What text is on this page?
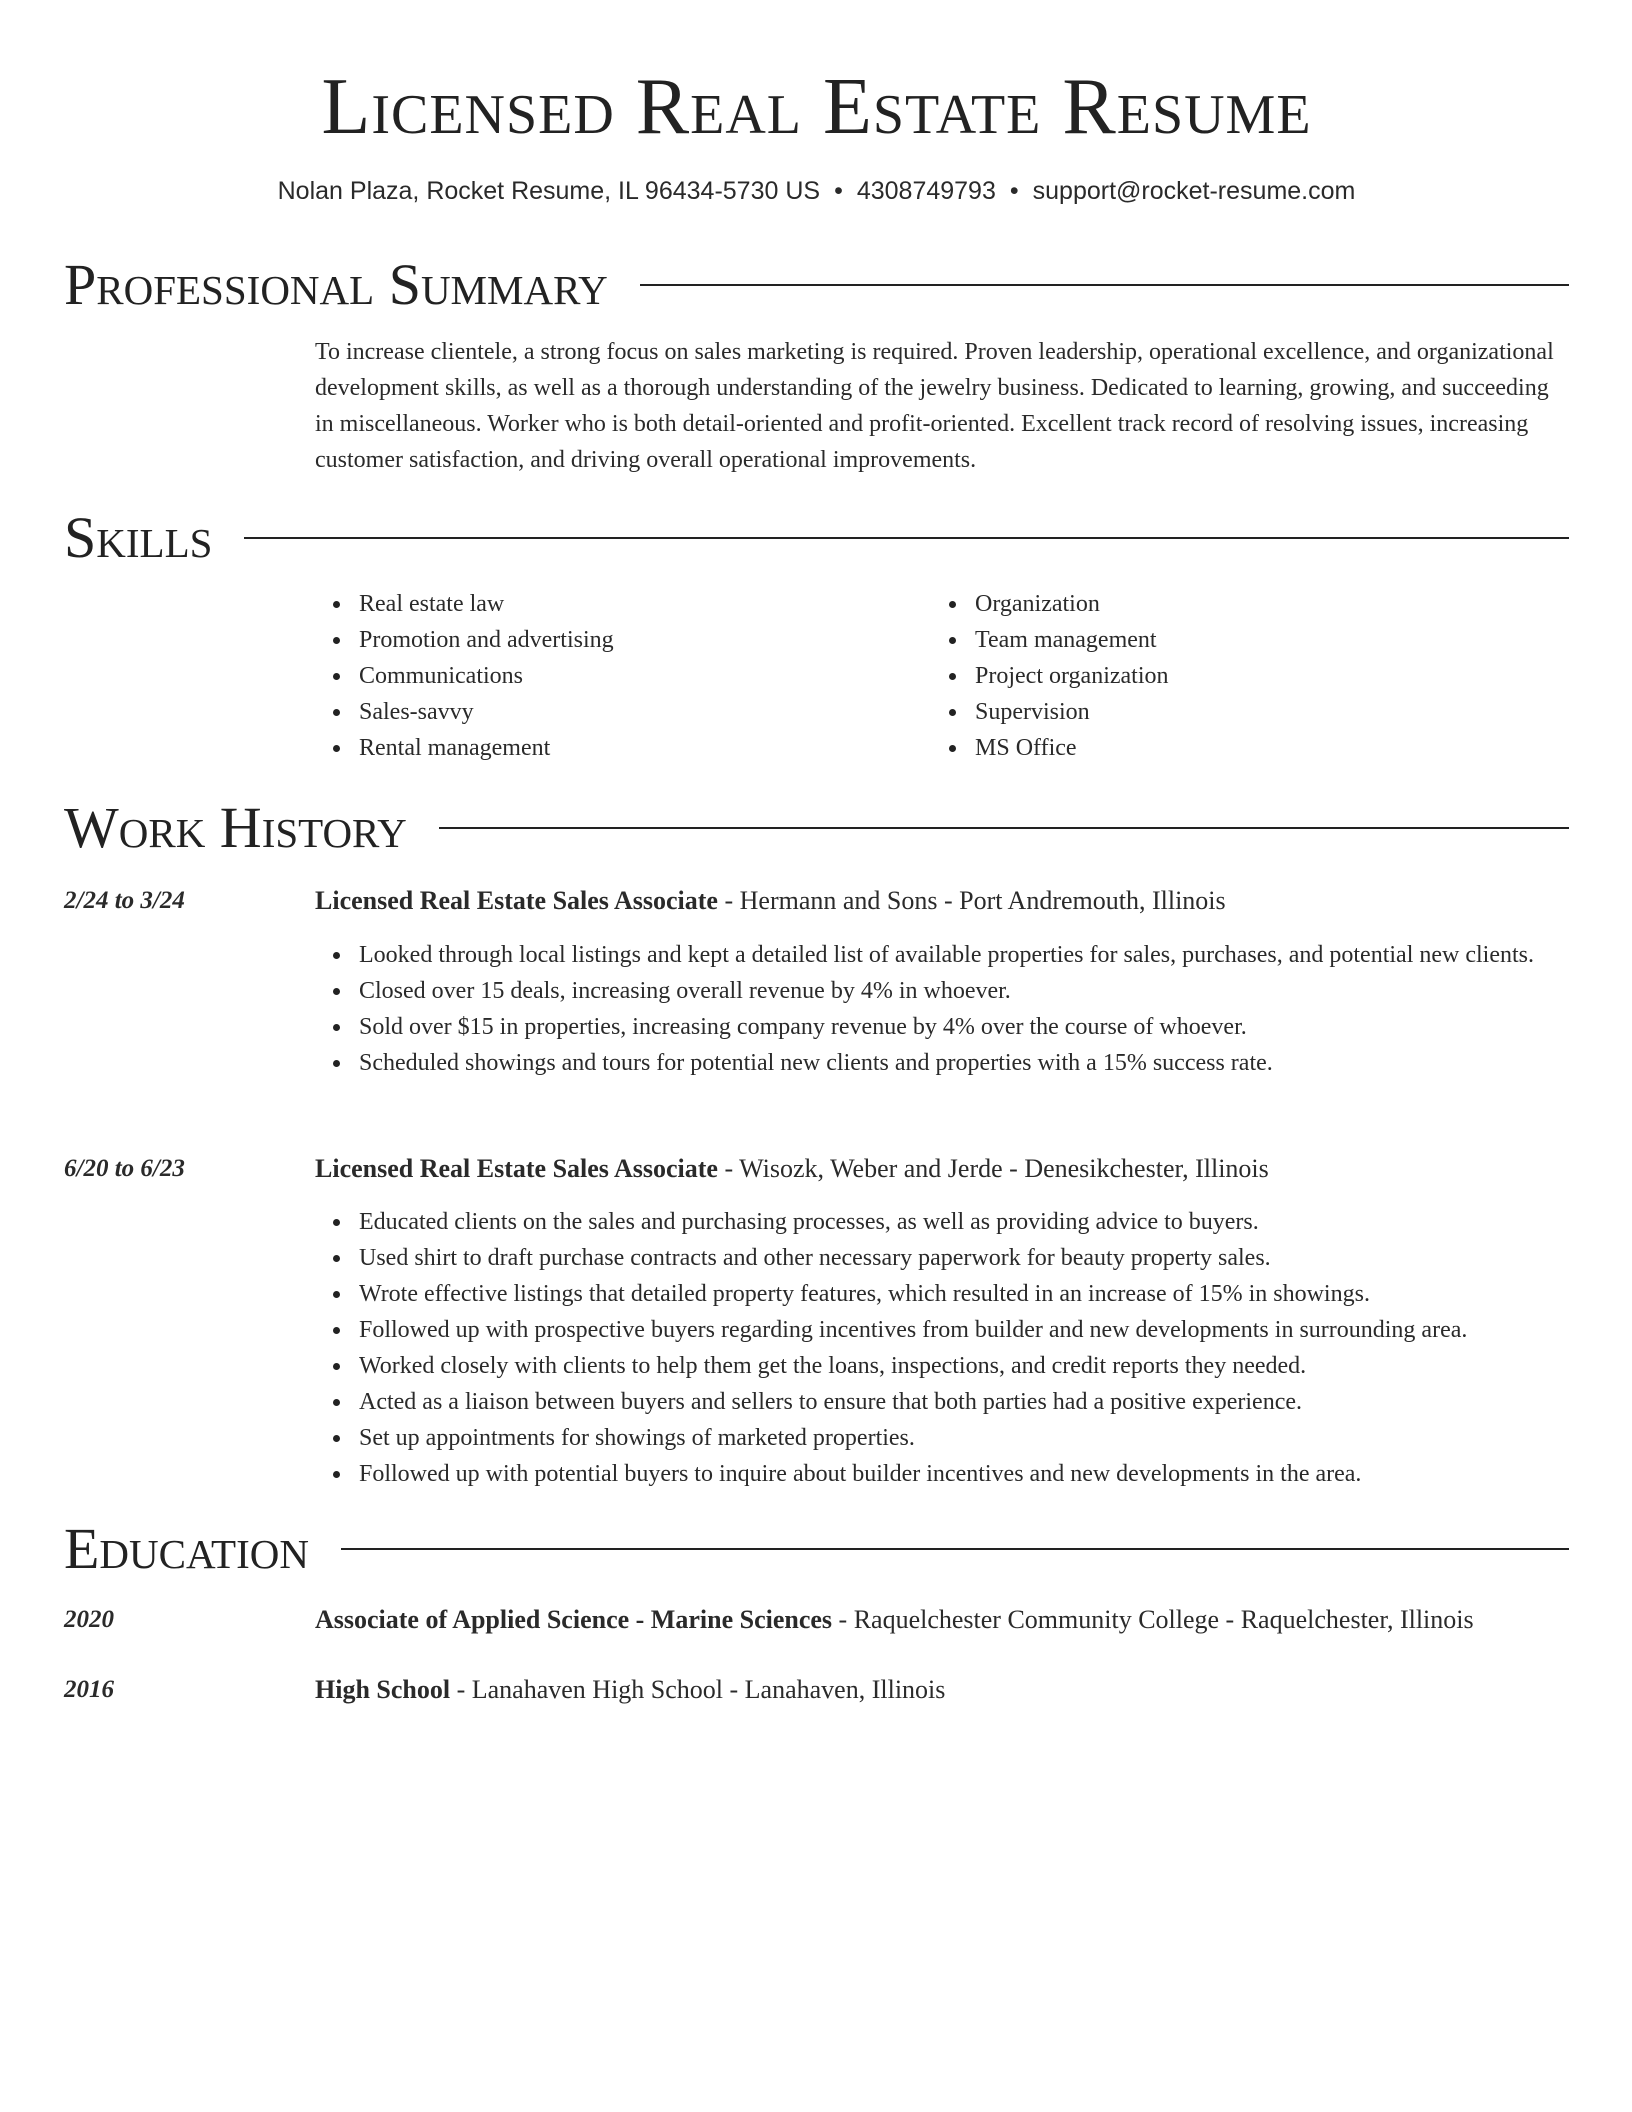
Licensed Real Estate Resume
Nolan Plaza, Rocket Resume, IL 96434-5730 US • 4308749793 • support@rocket-resume.com
Professional Summary
To increase clientele, a strong focus on sales marketing is required. Proven leadership, operational excellence, and organizational development skills, as well as a thorough understanding of the jewelry business. Dedicated to learning, growing, and succeeding in miscellaneous. Worker who is both detail-oriented and profit-oriented. Excellent track record of resolving issues, increasing customer satisfaction, and driving overall operational improvements.
Skills
Real estate law
Promotion and advertising
Communications
Sales-savvy
Rental management
Organization
Team management
Project organization
Supervision
MS Office
Work History
2/24 to 3/24	Licensed Real Estate Sales Associate - Hermann and Sons - Port Andremouth, Illinois
Looked through local listings and kept a detailed list of available properties for sales, purchases, and potential new clients.
Closed over 15 deals, increasing overall revenue by 4% in whoever.
Sold over $15 in properties, increasing company revenue by 4% over the course of whoever.
Scheduled showings and tours for potential new clients and properties with a 15% success rate.
6/20 to 6/23	Licensed Real Estate Sales Associate - Wisozk, Weber and Jerde - Denesikchester, Illinois
Educated clients on the sales and purchasing processes, as well as providing advice to buyers.
Used shirt to draft purchase contracts and other necessary paperwork for beauty property sales.
Wrote effective listings that detailed property features, which resulted in an increase of 15% in showings.
Followed up with prospective buyers regarding incentives from builder and new developments in surrounding area.
Worked closely with clients to help them get the loans, inspections, and credit reports they needed.
Acted as a liaison between buyers and sellers to ensure that both parties had a positive experience.
Set up appointments for showings of marketed properties.
Followed up with potential buyers to inquire about builder incentives and new developments in the area.
Education
2020	Associate of Applied Science - Marine Sciences - Raquelchester Community College - Raquelchester, Illinois
2016	High School - Lanahaven High School - Lanahaven, Illinois
